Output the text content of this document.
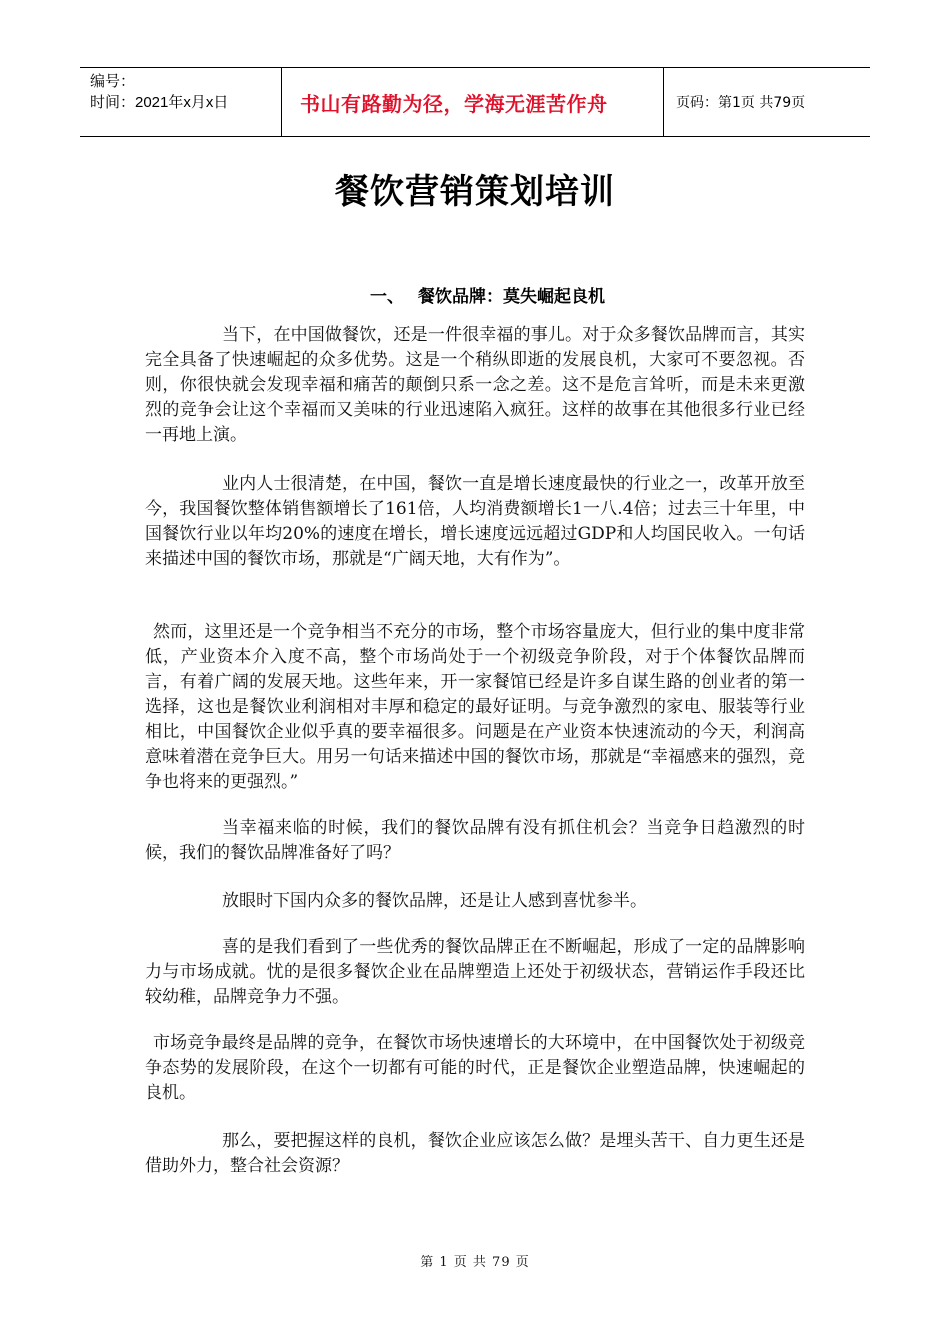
编号：
时间：2021年x月x日	书山有路勤为径，学海无涯苦作舟	页码：第1页 共79页
餐饮营销策划培训
一、 餐饮品牌：莫失崛起良机

当下，在中国做餐饮，还是一件很幸福的事儿。对于众多餐饮品牌而言，其实完全具备了快速崛起的众多优势。这是一个稍纵即逝的发展良机，大家可不要忽视。否则，你很快就会发现幸福和痛苦的颠倒只系一念之差。这不是危言耸听，而是未来更激烈的竞争会让这个幸福而又美味的行业迅速陷入疯狂。这样的故事在其他很多行业已经一再地上演。

业内人士很清楚，在中国，餐饮一直是增长速度最快的行业之一，改革开放至今，我国餐饮整体销售额增长了161倍，人均消费额增长1一八.4倍；过去三十年里，中国餐饮行业以年均20%的速度在增长，增长速度远远超过GDP和人均国民收入。一句话来描述中国的餐饮市场，那就是“广阔天地，大有作为”。

然而，这里还是一个竞争相当不充分的市场，整个市场容量庞大，但行业的集中度非常低，产业资本介入度不高，整个市场尚处于一个初级竞争阶段，对于个体餐饮品牌而言，有着广阔的发展天地。这些年来，开一家餐馆已经是许多自谋生路的创业者的第一选择，这也是餐饮业利润相对丰厚和稳定的最好证明。与竞争激烈的家电、服装等行业相比，中国餐饮企业似乎真的要幸福很多。问题是在产业资本快速流动的今天，利润高意味着潜在竞争巨大。用另一句话来描述中国的餐饮市场，那就是“幸福感来的强烈，竞争也将来的更强烈。”

当幸福来临的时候，我们的餐饮品牌有没有抓住机会？当竞争日趋激烈的时候，我们的餐饮品牌准备好了吗？

放眼时下国内众多的餐饮品牌，还是让人感到喜忧参半。

喜的是我们看到了一些优秀的餐饮品牌正在不断崛起，形成了一定的品牌影响力与市场成就。忧的是很多餐饮企业在品牌塑造上还处于初级状态，营销运作手段还比较幼稚，品牌竞争力不强。

市场竞争最终是品牌的竞争，在餐饮市场快速增长的大环境中，在中国餐饮处于初级竞争态势的发展阶段，在这个一切都有可能的时代，正是餐饮企业塑造品牌，快速崛起的良机。

那么，要把握这样的良机，餐饮企业应该怎么做？是埋头苦干、自力更生还是借助外力，整合社会资源？

第 1 页 共 79 页
